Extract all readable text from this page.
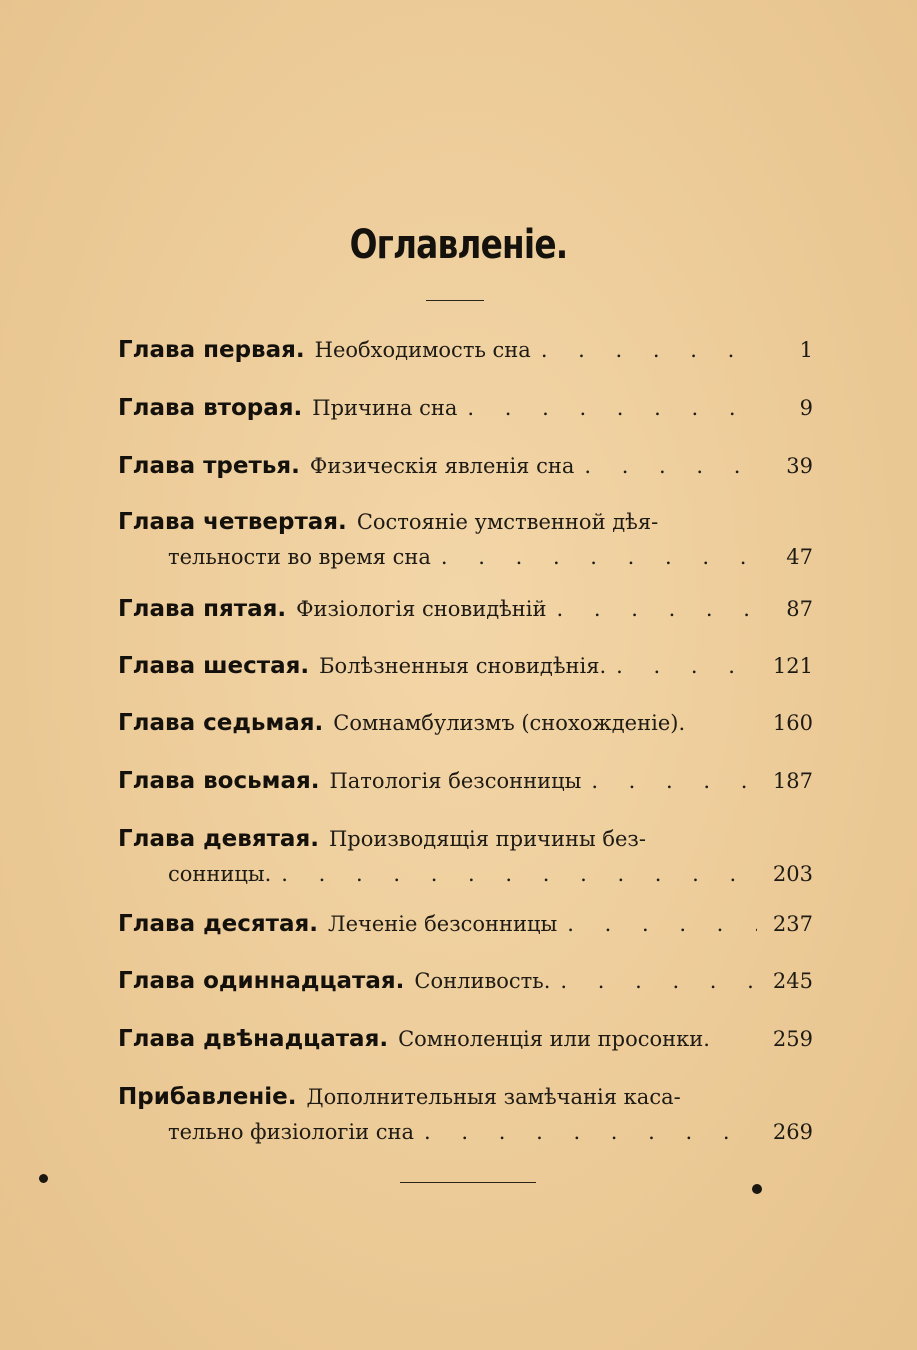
Оглавленіе.
Глава первая. Необходимость сна . . .	1
Глава вторая. Причина сна . . .	9
Глава третья. Физическія явленія сна . . .	39
Глава четвертая. Состояніе умственной дѣя-
тельности во время сна . . .	47
Глава пятая. Физіологія сновидѣній . . .	87
Глава шестая. Болѣзненныя сновидѣнія. . . .	121
Глава седьмая. Сомнамбулизмъ (снохожденіе).	160
Глава восьмая. Патологія безсонницы . . .	187
Глава девятая. Производящія причины без-
сонницы. . . .	203
Глава десятая. Леченіе безсонницы . . .	237
Глава одиннадцатая. Сонливость. . . .	245
Глава двѣнадцатая. Сомноленція или просонки.	259
Прибавленіе. Дополнительныя замѣчанія каса-
тельно физіологіи сна . . .	269
